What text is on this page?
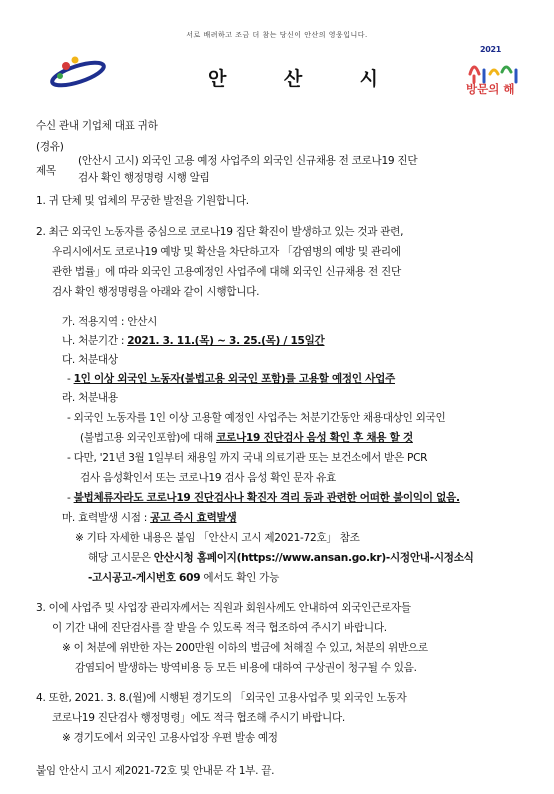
서로 배려하고 조금 더 참는 당신이 안산의 영웅입니다.
안	산	시
2021
방문의 해
수신 관내 기업체 대표 귀하
(경유)
제목
(안산시 고시) 외국인 고용 예정 사업주의 외국인 신규채용 전 코로나19 진단
검사 확인 행정명령 시행 알림
1. 귀 단체 및 업체의 무궁한 발전을 기원합니다.
2. 최근 외국인 노동자를 중심으로 코로나19 집단 확진이 발생하고 있는 것과 관련,
우리시에서도 코로나19 예방 및 확산을 차단하고자 「감염병의 예방 및 관리에
관한 법률」에 따라 외국인 고용예정인 사업주에 대해 외국인 신규채용 전 진단
검사 확인 행정명령을 아래와 같이 시행합니다.
가. 적용지역 : 안산시
나. 처분기간 : 2021. 3. 11.(목) ~ 3. 25.(목) / 15일간
다. 처분대상
- 1인 이상 외국인 노동자(불법고용 외국인 포함)를 고용할 예정인 사업주
라. 처분내용
- 외국인 노동자를 1인 이상 고용할 예정인 사업주는 처분기간동안 채용대상인 외국인
(불법고용 외국인포함)에 대해 코로나19 진단검사 음성 확인 후 채용 할 것
- 다만, '21년 3월 1일부터 채용일 까지 국내 의료기관 또는 보건소에서 받은 PCR
검사 음성확인서 또는 코로나19 검사 음성 확인 문자 유효
- 불법체류자라도 코로나19 진단검사나 확진자 격리 등과 관련한 어떠한 불이익이 없음.
마. 효력발생 시점 : 공고 즉시 효력발생
※ 기타 자세한 내용은 붙임 「안산시 고시 제2021-72호」 참조
해당 고시문은 안산시청 홈페이지(https://www.ansan.go.kr)-시정안내-시정소식
-고시공고-게시번호 609 에서도 확인 가능
3. 이에 사업주 및 사업장 관리자께서는 직원과 회원사께도 안내하여 외국인근로자들
이 기간 내에 진단검사를 잘 받을 수 있도록 적극 협조하여 주시기 바랍니다.
※ 이 처분에 위반한 자는 200만원 이하의 벌금에 처해질 수 있고, 처분의 위반으로
감염되어 발생하는 방역비용 등 모든 비용에 대하여 구상권이 청구될 수 있음.
4. 또한, 2021. 3. 8.(월)에 시행된 경기도의 「외국인 고용사업주 및 외국인 노동자
코로나19 진단검사 행정명령」에도 적극 협조해 주시기 바랍니다.
※ 경기도에서 외국인 고용사업장 우편 발송 예정
붙임 안산시 고시 제2021-72호 및 안내문 각 1부. 끝.
